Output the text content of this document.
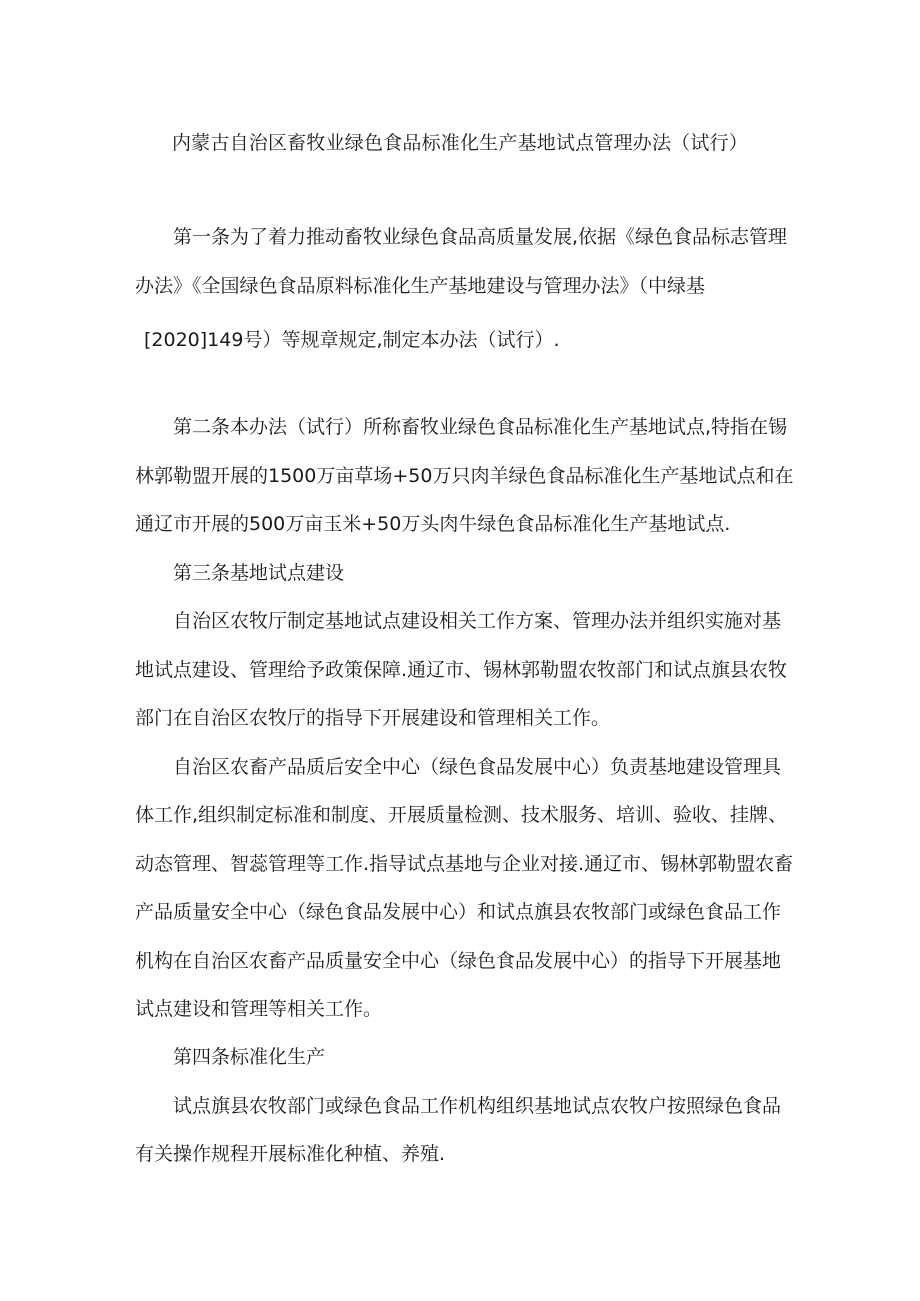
内蒙古自治区畜牧业绿色食品标准化生产基地试点管理办法（试行）
第一条为了着力推动畜牧业绿色食品高质量发展,依据《绿色食品标志管理
办法》《全国绿色食品原料标准化生产基地建设与管理办法》（中绿基
[2020]149号）等规章规定,制定本办法（试行）.
第二条本办法（试行）所称畜牧业绿色食品标准化生产基地试点,特指在锡
林郭勒盟开展的1500万亩草场+50万只肉羊绿色食品标准化生产基地试点和在
通辽市开展的500万亩玉米+50万头肉牛绿色食品标准化生产基地试点.
第三条基地试点建设
自治区农牧厅制定基地试点建设相关工作方案、管理办法并组织实施对基
地试点建设、管理给予政策保障.通辽市、锡林郭勒盟农牧部门和试点旗县农牧
部门在自治区农牧厅的指导下开展建设和管理相关工作。
自治区农畜产品质后安全中心（绿色食品发展中心）负责基地建设管理具
体工作,组织制定标准和制度、开展质量检测、技术服务、培训、验收、挂牌、
动态管理、智蕊管理等工作.指导试点基地与企业对接.通辽市、锡林郭勒盟农畜
产品质量安全中心（绿色食品发展中心）和试点旗县农牧部门或绿色食品工作
机构在自治区农畜产品质量安全中心（绿色食品发展中心）的指导下开展基地
试点建设和管理等相关工作。
第四条标准化生产
试点旗县农牧部门或绿色食品工作机构组织基地试点农牧户按照绿色食品
有关操作规程开展标准化种植、养殖.
